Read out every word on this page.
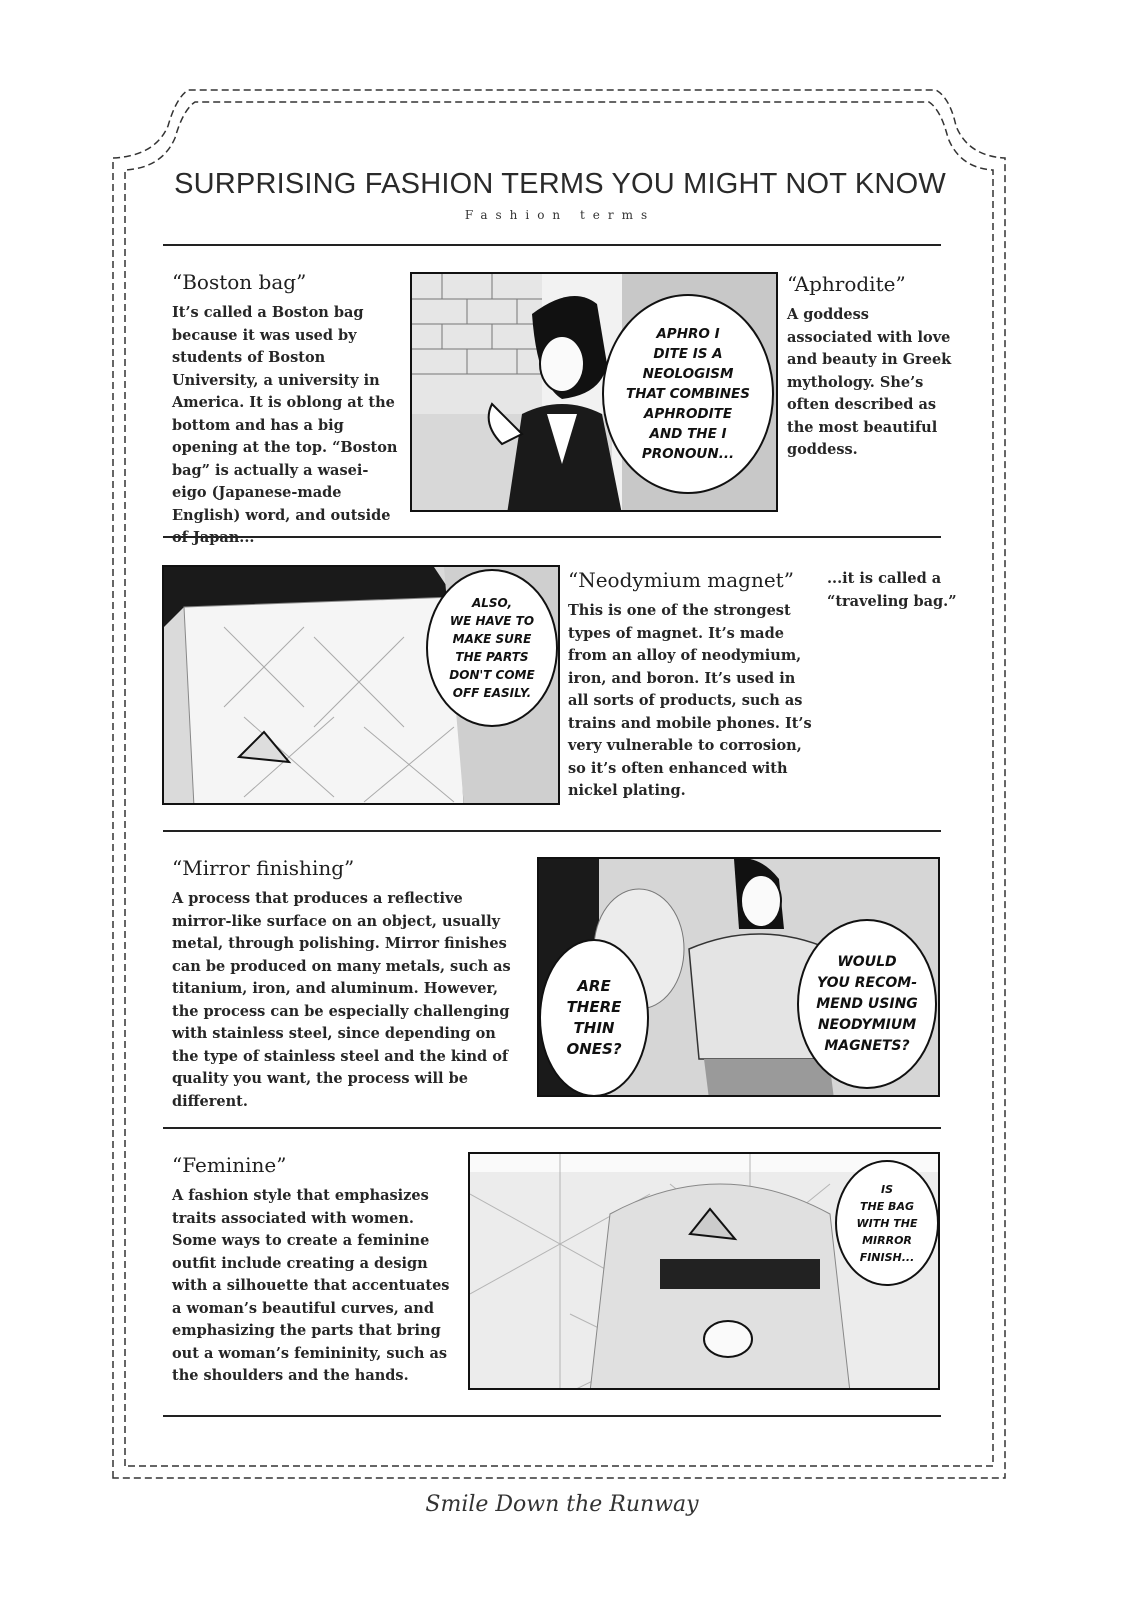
SURPRISING FASHION TERMS YOU MIGHT NOT KNOW
Fashion terms
“Boston bag”

It’s called a Boston bag because it was used by students of Boston University, a university in America. It is oblong at the bottom and has a big opening at the top. “Boston bag” is actually a wasei-eigo (Japanese-made English) word, and outside of Japan...

APHRO I
DITE IS A
NEOLOGISM
THAT COMBINES
APHRODITE
AND THE I
PRONOUN...
“Aphrodite”

A goddess associated with love and beauty in Greek mythology. She’s often described as the most beautiful goddess.

ALSO,
WE HAVE TO
MAKE SURE
THE PARTS
DON'T COME
OFF EASILY.
“Neodymium magnet”

This is one of the strongest types of magnet. It’s made from an alloy of neodymium, iron, and boron. It’s used in all sorts of products, such as trains and mobile phones. It’s very vulnerable to corrosion, so it’s often enhanced with nickel plating.

...it is called a “traveling bag.”

“Mirror finishing”

A process that produces a reflective mirror-like surface on an object, usually metal, through polishing. Mirror finishes can be produced on many metals, such as titanium, iron, and aluminum. However, the process can be especially challenging with stainless steel, since depending on the type of stainless steel and the kind of quality you want, the process will be different.

ARE
THERE
THIN
ONES?
WOULD
YOU RECOM-
MEND USING
NEODYMIUM
MAGNETS?
“Feminine”

A fashion style that emphasizes traits associated with women. Some ways to create a feminine outfit include creating a design with a silhouette that accentuates a woman’s beautiful curves, and emphasizing the parts that bring out a woman’s femininity, such as the shoulders and the hands.

IS
THE BAG
WITH THE
MIRROR
FINISH...
Smile Down the Runway
